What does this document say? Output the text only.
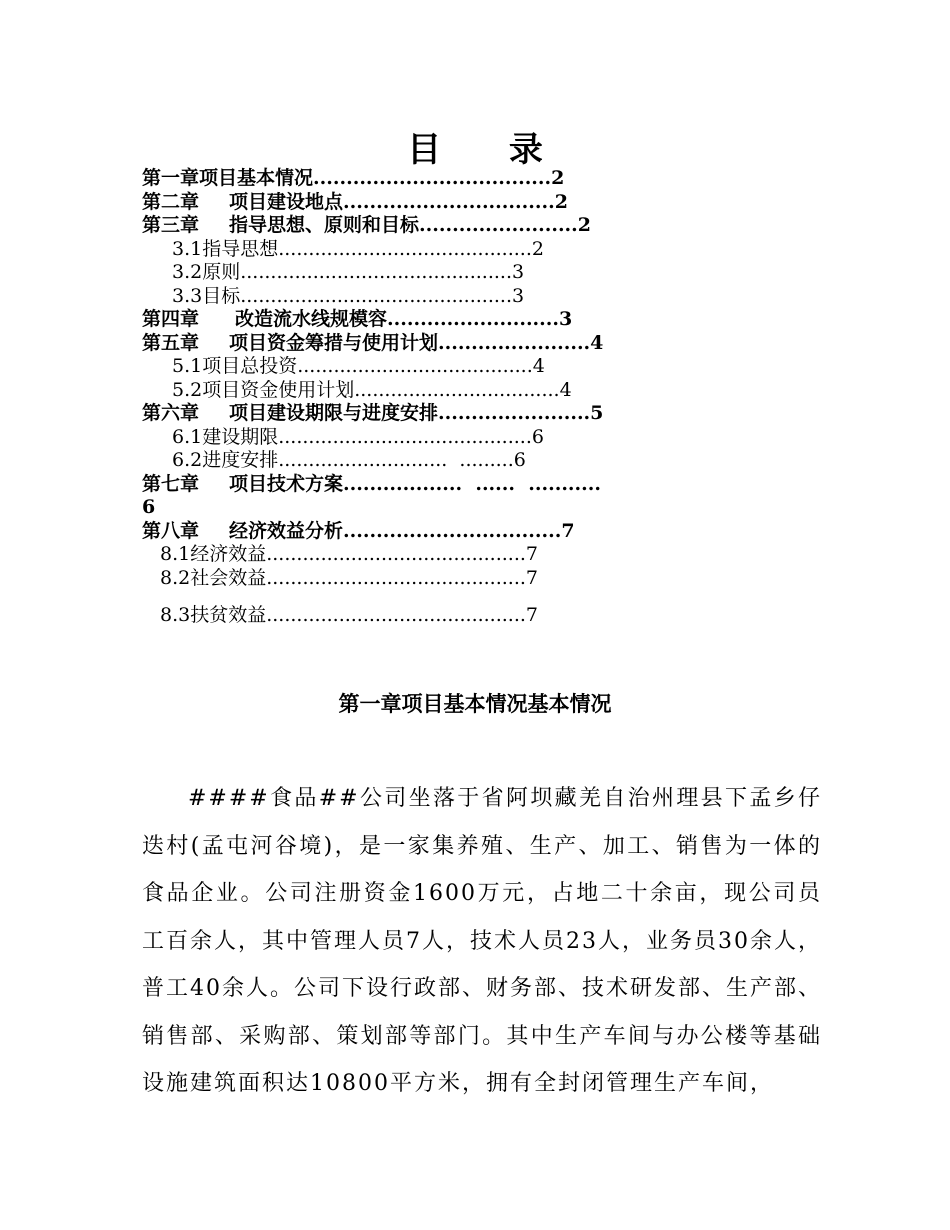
目 录
第一章项目基本情况....................................2
第二章 项目建设地点................................2
第三章 指导思想、原则和目标........................2
3.1指导思想..........................................2
3.2原则.............................................3
3.3目标.............................................3
第四章 改造流水线规模容..........................3
第五章 项目资金筹措与使用计划.......................4
5.1项目总投资.......................................4
5.2项目资金使用计划..................................4
第六章 项目建设期限与进度安排.......................5
6.1建设期限..........................................6
6.2进度安排............................  .........6
第七章 项目技术方案..................  ......  ...........
6
第八章 经济效益分析.................................7
8.1经济效益...........................................7
8.2社会效益...........................................7
8.3扶贫效益...........................................7
第一章项目基本情况基本情况
####食品##公司坐落于省阿坝藏羌自治州理县下孟乡仔迭村(孟屯河谷境)，是一家集养殖、生产、加工、销售为一体的食品企业。公司注册资金1600万元，占地二十余亩，现公司员工百余人，其中管理人员7人，技术人员23人，业务员30余人，普工40余人。公司下设行政部、财务部、技术研发部、生产部、销售部、采购部、策划部等部门。其中生产车间与办公楼等基础设施建筑面积达10800平方米，拥有全封闭管理生产车间，
